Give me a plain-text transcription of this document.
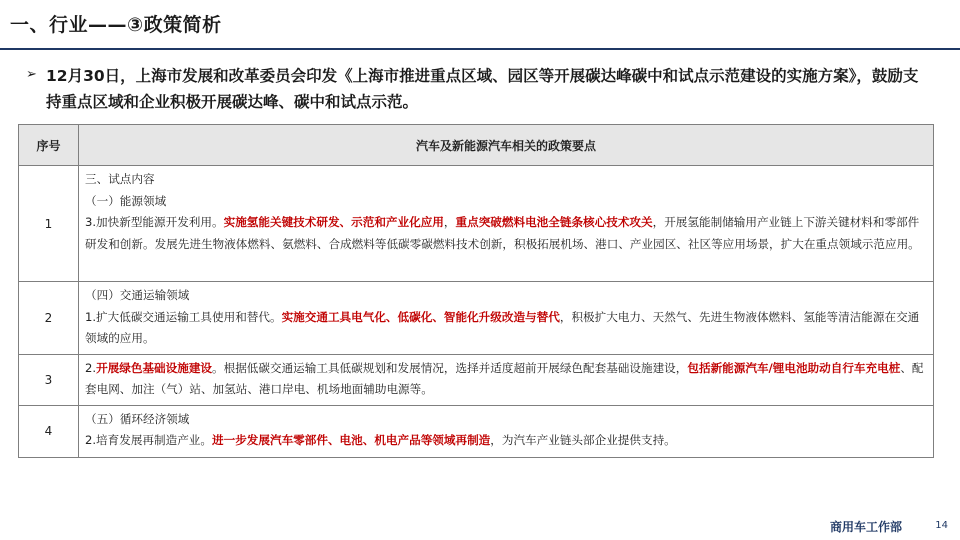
一、行业——③政策简析
➢ 12月30日，上海市发展和改革委员会印发《上海市推进重点区域、园区等开展碳达峰碳中和试点示范建设的实施方案》，鼓励支持重点区域和企业积极开展碳达峰、碳中和试点示范。
序号	汽车及新能源汽车相关的政策要点
1	三、试点内容
（一）能源领域
3.加快新型能源开发利用。实施氢能关键技术研发、示范和产业化应用，重点突破燃料电池全链条核心技术攻关，开展氢能制储输用产业链上下游关键材料和零部件研发和创新。发展先进生物液体燃料、氨燃料、合成燃料等低碳零碳燃料技术创新，积极拓展机场、港口、产业园区、社区等应用场景，扩大在重点领域示范应用。
2	（四）交通运输领域
1.扩大低碳交通运输工具使用和替代。实施交通工具电气化、低碳化、智能化升级改造与替代，积极扩大电力、天然气、先进生物液体燃料、氢能等清洁能源在交通领域的应用。
3	2.开展绿色基础设施建设。根据低碳交通运输工具低碳规划和发展情况，选择并适度超前开展绿色配套基础设施建设，包括新能源汽车/锂电池助动自行车充电桩、配套电网、加注（气）站、加氢站、港口岸电、机场地面辅助电源等。
4	（五）循环经济领域
2.培育发展再制造产业。进一步发展汽车零部件、电池、机电产品等领域再制造，为汽车产业链头部企业提供支持。
商用车工作部	14
